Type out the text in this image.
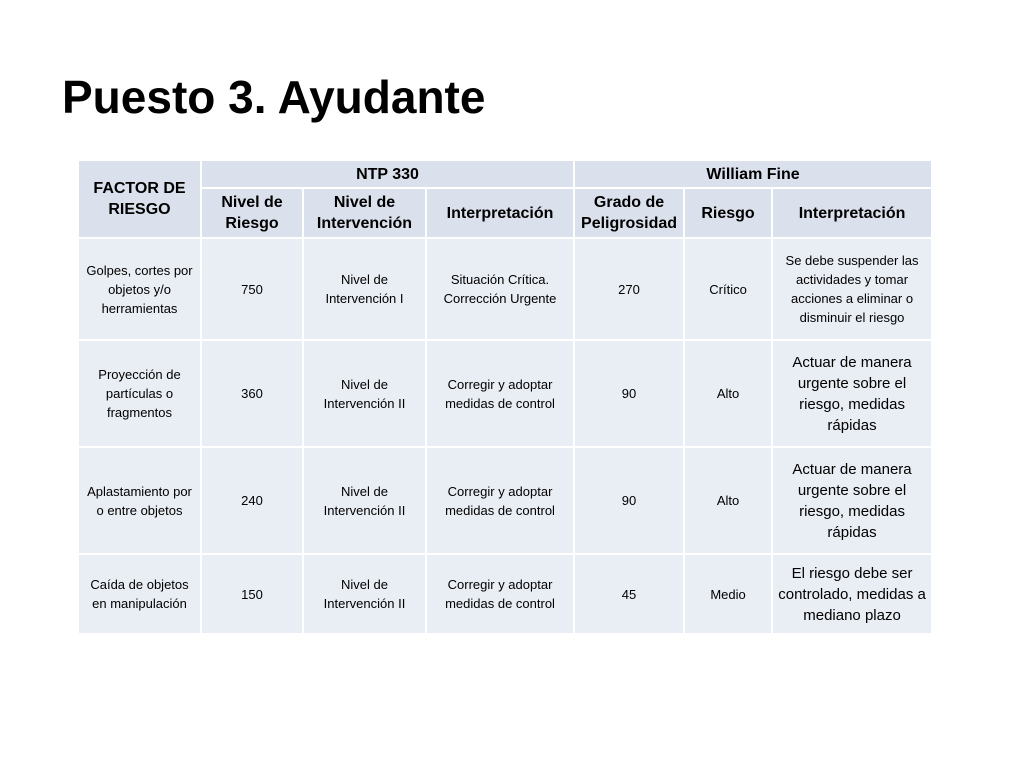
Puesto 3. Ayudante
FACTOR DE RIESGO	NTP 330			William Fine		
	Nivel de Riesgo	Nivel de Intervención	Interpretación	Grado de Peligrosidad	Riesgo	Interpretación
Golpes, cortes por objetos y/o herramientas	750	Nivel de Intervención I	Situación Crítica. Corrección Urgente	270	Crítico	Se debe suspender las actividades y tomar acciones a eliminar o disminuir el riesgo
Proyección de partículas o fragmentos	360	Nivel de Intervención II	Corregir y adoptar medidas de control	90	Alto	Actuar de manera urgente sobre el riesgo, medidas rápidas
Aplastamiento por o entre objetos	240	Nivel de Intervención II	Corregir y adoptar medidas de control	90	Alto	Actuar de manera urgente sobre el riesgo, medidas rápidas
Caída de objetos en manipulación	150	Nivel de Intervención II	Corregir y adoptar medidas de control	45	Medio	El riesgo debe ser controlado, medidas a mediano plazo
